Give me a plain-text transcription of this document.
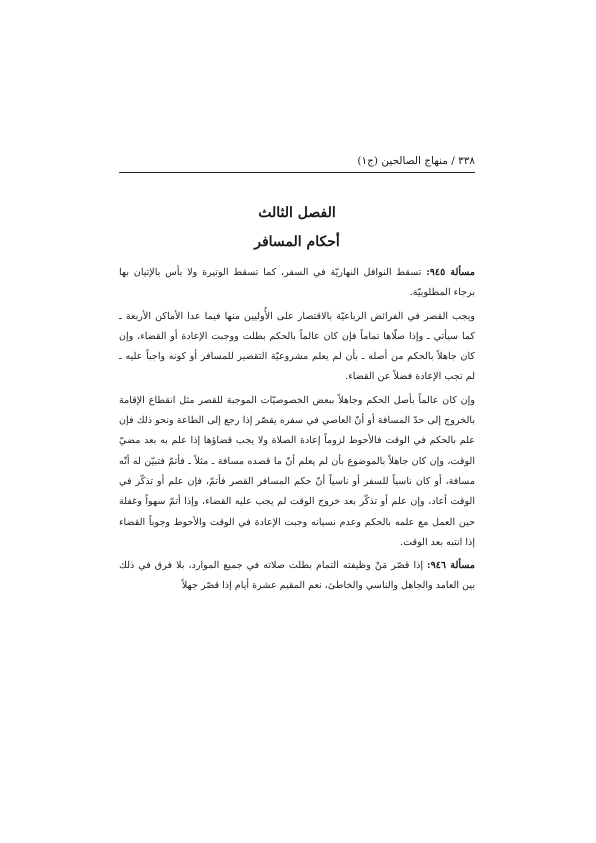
٣٣٨ / منهاج الصالحين (ج١)
الفصل الثالث
أحكام المسافر

مسألة ٩٤٥: تسقط النوافل النهاريّة في السفر، كما تسقط الوتيرة ولا بأس بالإتيان بها برجاء المطلوبيّة.

ويجب القصر في الفرائض الرباعيّة بالاقتصار على الأُوليين منها فيما عدا الأماكن الأربعة ـ كما سيأتي ـ وإذا صلّاها تماماً فإن كان عالماً بالحكم بطلت ووجبت الإعادة أو القضاء، وإن كان جاهلاً بالحكم من أصله ـ بأن لم يعلم مشروعيّة التقصير للمسافر أو كونه واجباً عليه ـ لم تجب الإعادة فضلاً عن القضاء.

وإن كان عالماً بأصل الحكم وجاهلاً ببعض الخصوصيّات الموجبة للقصر مثل انقطاع الإقامة بالخروج إلى حدّ المسافة أو أنّ العاصي في سفره يقصّر إذا رجع إلى الطاعة ونحو ذلك فإن علم بالحكم في الوقت فالأحوط لزوماً إعادة الصلاة ولا يجب قضاؤها إذا علم به بعد مضيّ الوقت، وإن كان جاهلاً بالموضوع بأن لم يعلم أنّ ما قصده مسافة ـ مثلاً ـ فأتمّ فتبيّن له أنّه مسافة، أو كان ناسياً للسفر أو ناسياً أنّ حكم المسافر القصر فأتمّ، فإن علم أو تذكّر في الوقت أعاد، وإن علم أو تذكّر بعد خروج الوقت لم يجب عليه القضاء، وإذا أتمّ سهواً وغفلة حين العمل مع علمه بالحكم وعدم نسيانه وجبت الإعادة في الوقت والأحوط وجوباً القضاء إذا انتبه بعد الوقت.

مسألة ٩٤٦: إذا قصّر مَنْ وظيفته التمام بطلت صلاته في جميع الموارد، بلا فرق في ذلك بين العامد والجاهل والناسي والخاطئ، نعم المقيم عشرة أيام إذا قصّر جهلاً
